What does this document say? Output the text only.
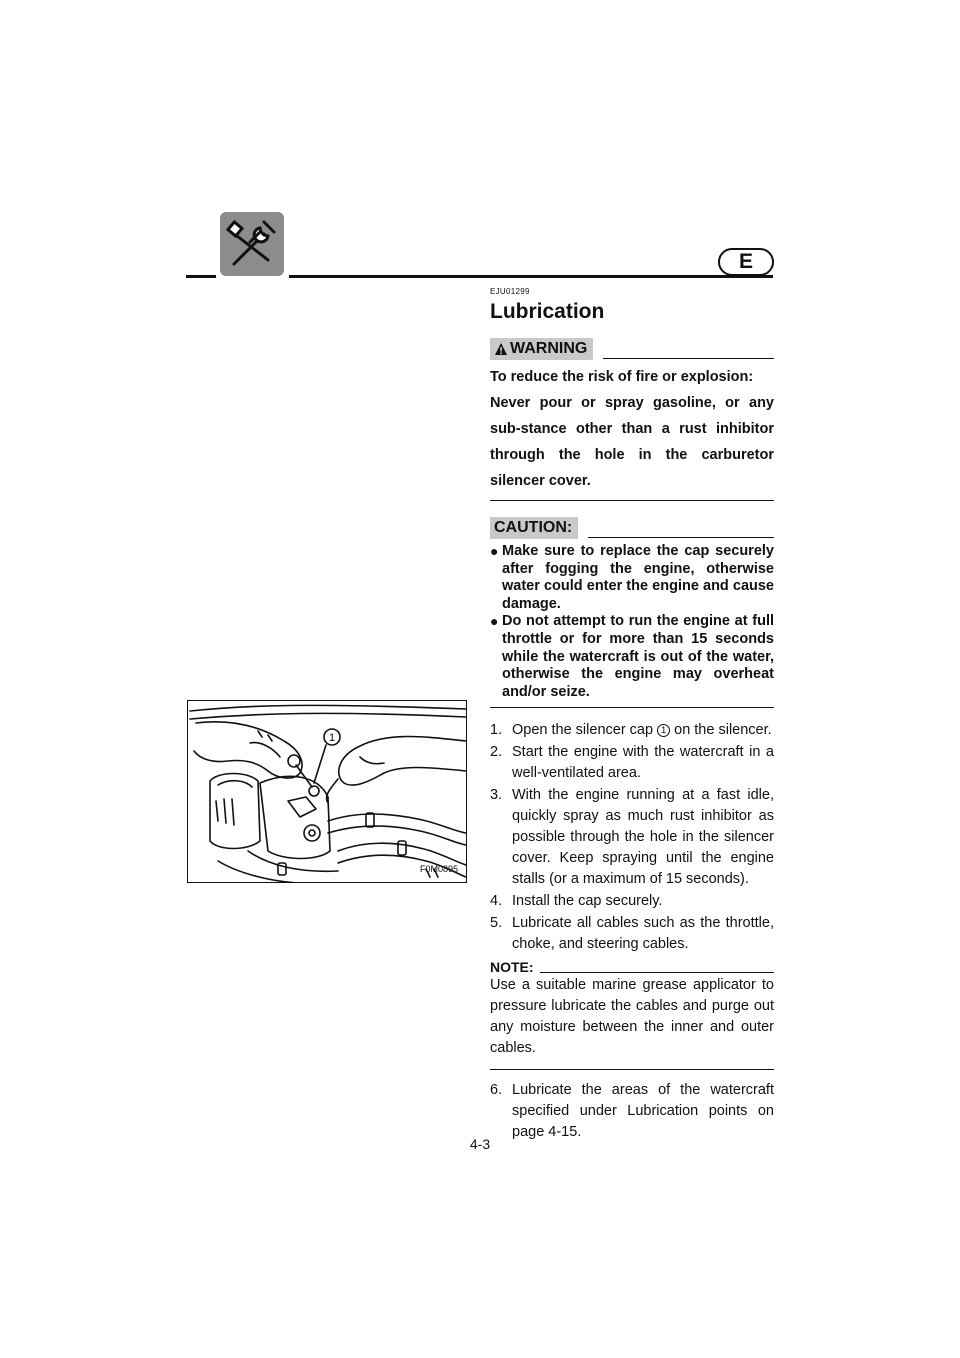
E
1
F0M0895
EJU01299
Lubrication
WARNING

To reduce the risk of fire or explosion:

Never pour or spray gasoline, or any sub-stance other than a rust inhibitor through the hole in the carburetor silencer cover.

CAUTION:
● Make sure to replace the cap securely after fogging the engine, otherwise water could enter the engine and cause damage.
● Do not attempt to run the engine at full throttle or for more than 15 seconds while the watercraft is out of the water, otherwise the engine may overheat and/or seize.
1. Open the silencer cap 1 on the silencer.
2. Start the engine with the watercraft in a well-ventilated area.
3. With the engine running at a fast idle, quickly spray as much rust inhibitor as possible through the hole in the silencer cover. Keep spraying until the engine stalls (or a maximum of 15 seconds).
4. Install the cap securely.
5. Lubricate all cables such as the throttle, choke, and steering cables.
NOTE:

Use a suitable marine grease applicator to pressure lubricate the cables and purge out any moisture between the inner and outer cables.

6. Lubricate the areas of the watercraft specified under Lubrication points on page 4-15.
4-3
